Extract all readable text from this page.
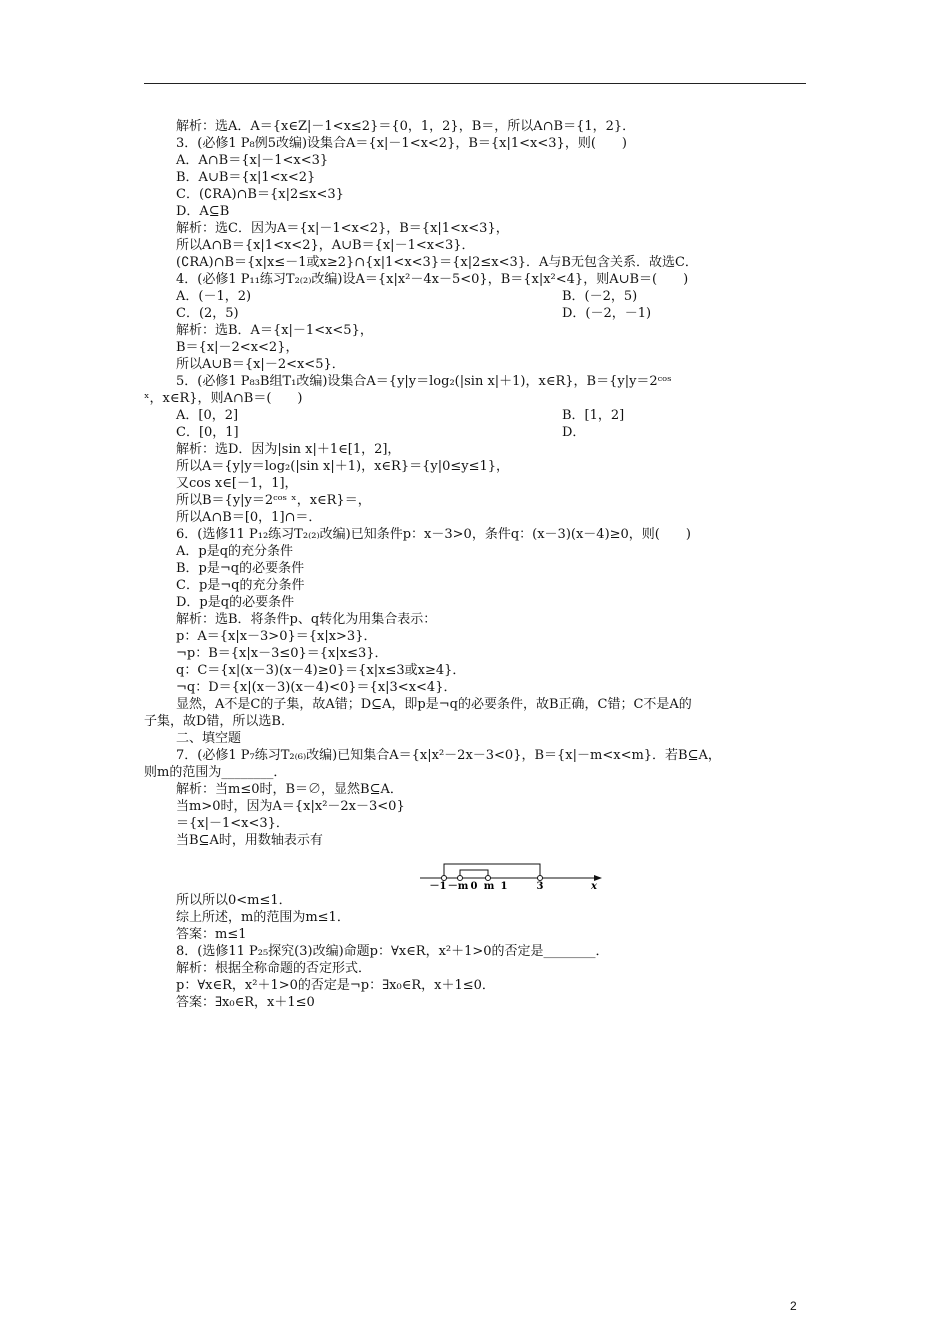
解析：选A．A＝{x∈Z|－1<x≤2}＝{0，1，2}，B＝，所以A∩B＝{1，2}．
3．(必修1 P₈例5改编)设集合A＝{x|－1<x<2}，B＝{x|1<x<3}，则(　　)
A．A∩B＝{x|－1<x<3}
B．A∪B＝{x|1<x<2}
C．(∁RA)∩B＝{x|2≤x<3}
D．A⊆B
解析：选C．因为A＝{x|－1<x<2}，B＝{x|1<x<3}，
所以A∩B＝{x|1<x<2}，A∪B＝{x|－1<x<3}．
(∁RA)∩B＝{x|x≤－1或x≥2}∩{x|1<x<3}＝{x|2≤x<3}．A与B无包含关系．故选C．
4．(必修1 P₁₁练习T₂₍₂₎改编)设A＝{x|x²－4x－5<0}，B＝{x|x²<4}，则A∪B＝(　　)
A．(－1，2)	B．(－2，5)
C．(2，5)	D．(－2，－1)
解析：选B．A＝{x|－1<x<5}，
B＝{x|－2<x<2}，
所以A∪B＝{x|－2<x<5}．
5．(必修1 P₈₃B组T₁改编)设集合A＝{y|y＝log₂(|sin x|＋1)，x∈R}，B＝{y|y＝2ᶜᵒˢ
ˣ，x∈R}，则A∩B＝(　　)
A．[0，2]	B．[1，2]
C．[0，1]	D．
解析：选D．因为|sin x|＋1∈[1，2]，
所以A＝{y|y＝log₂(|sin x|＋1)，x∈R}＝{y|0≤y≤1}，
又cos x∈[－1，1]，
所以B＝{y|y＝2ᶜᵒˢ ˣ，x∈R}＝，
所以A∩B＝[0，1]∩＝．
6．(选修11 P₁₂练习T₂₍₂₎改编)已知条件p：x－3>0，条件q：(x－3)(x－4)≥0，则(　　)
A．p是q的充分条件
B．p是¬q的必要条件
C．p是¬q的充分条件
D．p是q的必要条件
解析：选B．将条件p、q转化为用集合表示：
p：A＝{x|x－3>0}＝{x|x>3}．
¬p：B＝{x|x－3≤0}＝{x|x≤3}．
q：C＝{x|(x－3)(x－4)≥0}＝{x|x≤3或x≥4}．
¬q：D＝{x|(x－3)(x－4)<0}＝{x|3<x<4}．
显然，A不是C的子集，故A错；D⊆A，即p是¬q的必要条件，故B正确，C错；C不是A的
子集，故D错，所以选B．
二、填空题
7．(必修1 P₇练习T₂₍₆₎改编)已知集合A＝{x|x²－2x－3<0}，B＝{x|－m<x<m}．若B⊆A，
则m的范围为________．
解析：当m≤0时，B＝∅，显然B⊆A．
当m>0时，因为A＝{x|x²－2x－3<0}
＝{x|－1<x<3}．
当B⊆A时，用数轴表示有
－1 －m 0 m 1	3	x
所以所以0<m≤1．
综上所述，m的范围为m≤1．
答案：m≤1
8．(选修11 P₂₅探究(3)改编)命题p：∀x∈R，x²＋1>0的否定是________．
解析：根据全称命题的否定形式．
p：∀x∈R，x²＋1>0的否定是¬p：∃x₀∈R，x＋1≤0．
答案：∃x₀∈R，x＋1≤0
2
